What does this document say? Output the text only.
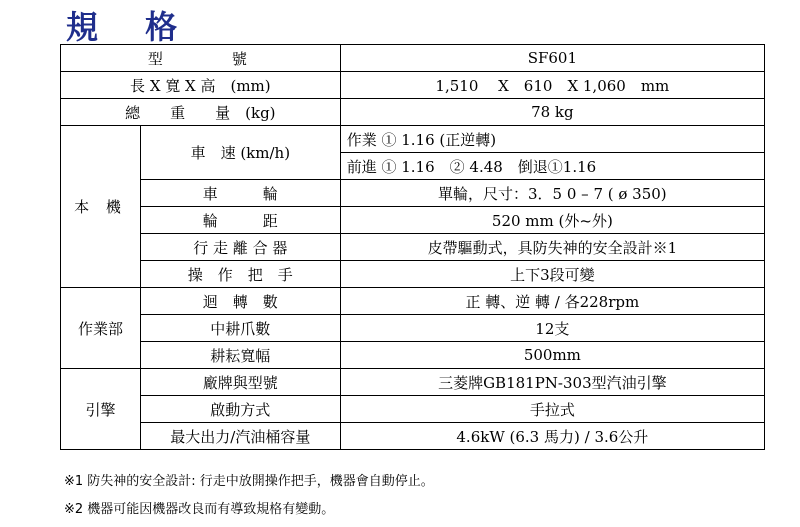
規 格
型　　　號		SF601
長 X 寬 X 高　(mm)		1,510　 X　610　X 1,060　mm
總　　重　　量　(kg)		78 kg
本 機	車　速 (km/h)	作業 ① 1.16 (正逆轉)
		前進 ① 1.16　② 4.48　倒退①1.16
	車　　　輪	單輪，尺寸：3．5 0 – 7 ( ø 350)
	輪　　　距	520 mm (外~外)
	行 走 離 合 器	皮帶驅動式，具防失神的安全設計※1
	操　作　把　手	上下3段可變
作業部	迴　轉　數	正 轉、逆 轉 / 各228rpm
	中耕爪數	12支
	耕耘寬幅	500mm
引擎	廠牌與型號	三菱牌GB181PN-303型汽油引擎
	啟動方式	手拉式
	最大出力/汽油桶容量	4.6kW (6.3 馬力) / 3.6公升
※1 防失神的安全設計: 行走中放開操作把手，機器會自動停止。
※2 機器可能因機器改良而有導致規格有變動。
